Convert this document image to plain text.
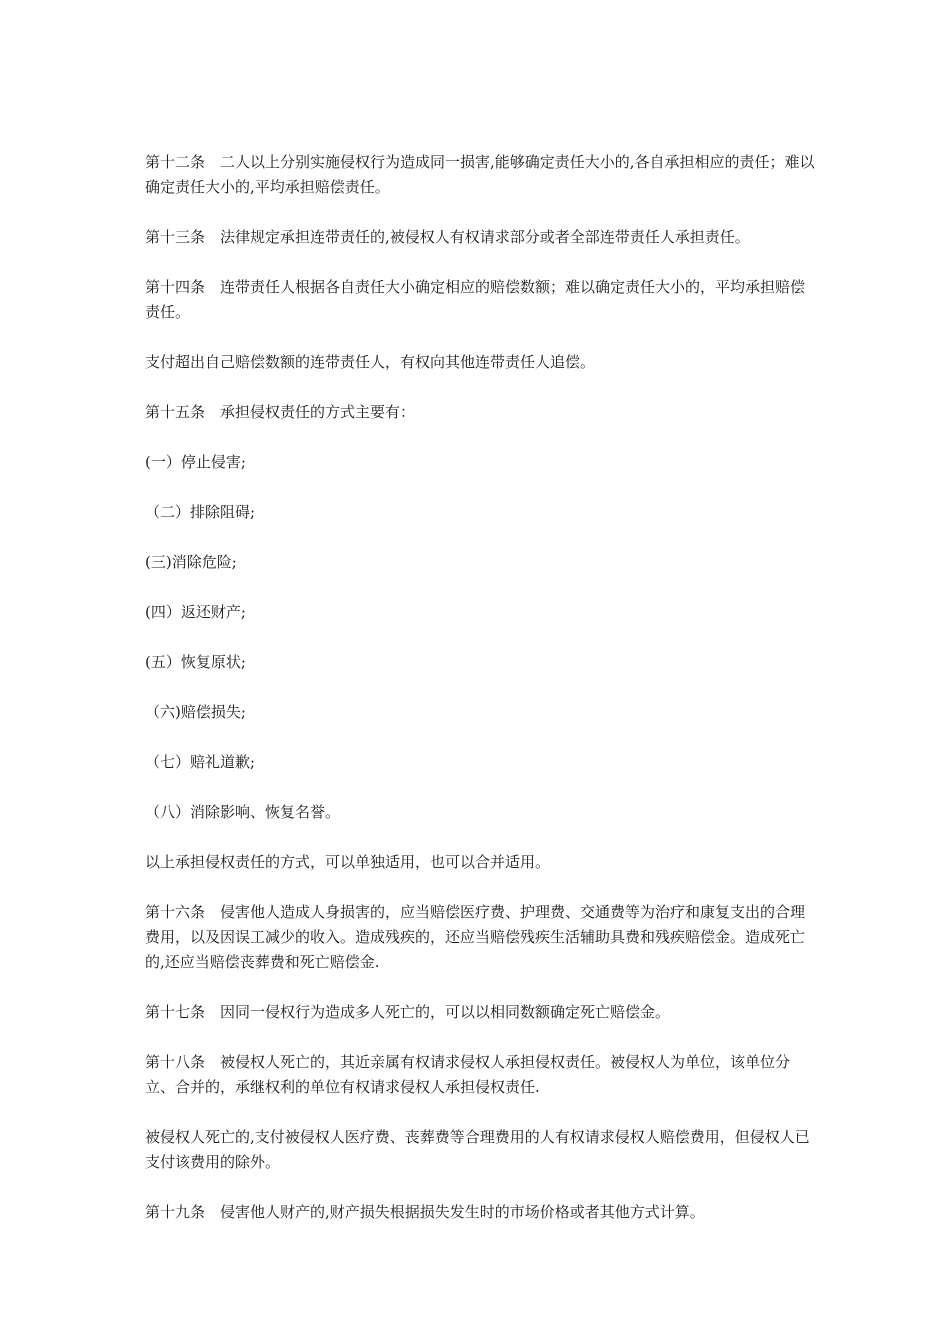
第十二条　二人以上分别实施侵权行为造成同一损害,能够确定责任大小的,各自承担相应的责任；难以确定责任大小的,平均承担赔偿责任。

第十三条　法律规定承担连带责任的,被侵权人有权请求部分或者全部连带责任人承担责任。

第十四条　连带责任人根据各自责任大小确定相应的赔偿数额；难以确定责任大小的，平均承担赔偿责任。

支付超出自己赔偿数额的连带责任人，有权向其他连带责任人追偿。

第十五条　承担侵权责任的方式主要有：

(一）停止侵害;

（二）排除阻碍;

(三)消除危险;

(四）返还财产;

(五）恢复原状;

（六)赔偿损失;

（七）赔礼道歉;

（八）消除影响、恢复名誉。

以上承担侵权责任的方式，可以单独适用，也可以合并适用。

第十六条　侵害他人造成人身损害的，应当赔偿医疗费、护理费、交通费等为治疗和康复支出的合理费用，以及因误工减少的收入。造成残疾的，还应当赔偿残疾生活辅助具费和残疾赔偿金。造成死亡的,还应当赔偿丧葬费和死亡赔偿金.

第十七条　因同一侵权行为造成多人死亡的，可以以相同数额确定死亡赔偿金。

第十八条　被侵权人死亡的，其近亲属有权请求侵权人承担侵权责任。被侵权人为单位，该单位分立、合并的，承继权利的单位有权请求侵权人承担侵权责任.

被侵权人死亡的,支付被侵权人医疗费、丧葬费等合理费用的人有权请求侵权人赔偿费用，但侵权人已支付该费用的除外。

第十九条　侵害他人财产的,财产损失根据损失发生时的市场价格或者其他方式计算。
